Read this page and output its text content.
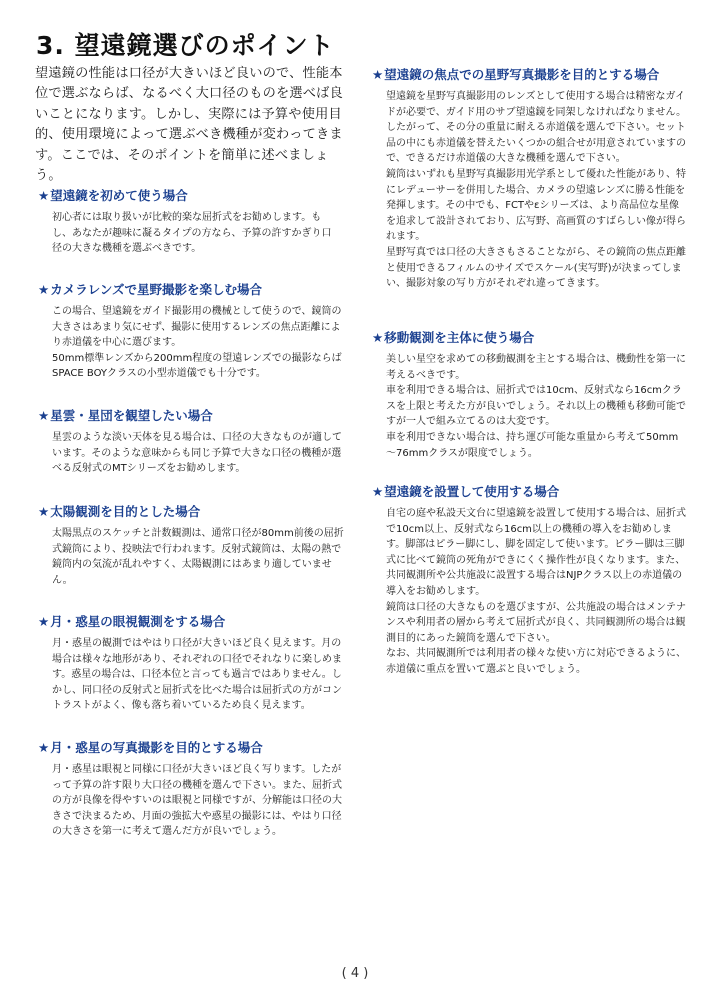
3. 望遠鏡選びのポイント

望遠鏡の性能は口径が大きいほど良いので、性能本位で選ぶならば、なるべく大口径のものを選べば良いことになります。しかし、実際には予算や使用目的、使用環境によって選ぶべき機種が変わってきます。ここでは、そのポイントを簡単に述べましょう。

★望遠鏡を初めて使う場合

初心者には取り扱いが比較的楽な屈折式をお勧めします。もし、あなたが趣味に凝るタイプの方なら、予算の許すかぎり口径の大きな機種を選ぶべきです。

★カメラレンズで星野撮影を楽しむ場合

この場合、望遠鏡をガイド撮影用の機械として使うので、鏡筒の大きさはあまり気にせず、撮影に使用するレンズの焦点距離により赤道儀を中心に選びます。

50mm標準レンズから200mm程度の望遠レンズでの撮影ならば SPACE BOYクラスの小型赤道儀でも十分です。

★星雲・星団を観望したい場合

星雲のような淡い天体を見る場合は、口径の大きなものが適しています。そのような意味からも同じ予算で大きな口径の機種が選べる反射式のMTシリーズをお勧めします。

★太陽観測を目的とした場合

太陽黒点のスケッチと計数観測は、通常口径が80mm前後の屈折式鏡筒により、投映法で行われます。反射式鏡筒は、太陽の熱で鏡筒内の気流が乱れやすく、太陽観測にはあまり適していません。

★月・惑星の眼視観測をする場合

月・惑星の観測ではやはり口径が大きいほど良く見えます。月の場合は様々な地形があり、それぞれの口径でそれなりに楽しめます。惑星の場合は、口径本位と言っても過言ではありません。しかし、同口径の反射式と屈折式を比べた場合は屈折式の方がコントラストがよく、像も落ち着いているため良く見えます。

★月・惑星の写真撮影を目的とする場合

月・惑星は眼視と同様に口径が大きいほど良く写ります。したがって予算の許す限り大口径の機種を選んで下さい。また、屈折式の方が良像を得やすいのは眼視と同様ですが、分解能は口径の大きさで決まるため、月面の強拡大や惑星の撮影には、やはり口径の大きさを第一に考えて選んだ方が良いでしょう。

★望遠鏡の焦点での星野写真撮影を目的とする場合

望遠鏡を星野写真撮影用のレンズとして使用する場合は精密なガイドが必要で、ガイド用のサブ望遠鏡を同架しなければなりません。したがって、その分の重量に耐える赤道儀を選んで下さい。セット品の中にも赤道儀を替えたいくつかの組合せが用意されていますので、できるだけ赤道儀の大きな機種を選んで下さい。

鏡筒はいずれも星野写真撮影用光学系として優れた性能があり、特にレデューサーを併用した場合、カメラの望遠レンズに勝る性能を発揮します。その中でも、FCTやεシリーズは、より高品位な星像を追求して設計されており、広写野、高画質のすばらしい像が得られます。

星野写真では口径の大きさもさることながら、その鏡筒の焦点距離と使用できるフィルムのサイズでスケール(実写野)が決まってしまい、撮影対象の写り方がそれぞれ違ってきます。

★移動観測を主体に使う場合

美しい星空を求めての移動観測を主とする場合は、機動性を第一に考えるべきです。

車を利用できる場合は、屈折式では10cm、反射式なら16cmクラスを上限と考えた方が良いでしょう。それ以上の機種も移動可能ですが一人で組み立てるのは大変です。

車を利用できない場合は、持ち運び可能な重量から考えて50mm～76mmクラスが限度でしょう。

★望遠鏡を設置して使用する場合

自宅の庭や私設天文台に望遠鏡を設置して使用する場合は、屈折式で10cm以上、反射式なら16cm以上の機種の導入をお勧めします。脚部はピラー脚にし、脚を固定して使います。ピラー脚は三脚式に比べて鏡筒の死角ができにくく操作性が良くなります。また、共同観測所や公共施設に設置する場合はNJPクラス以上の赤道儀の導入をお勧めします。

鏡筒は口径の大きなものを選びますが、公共施設の場合はメンテナンスや利用者の層から考えて屈折式が良く、共同観測所の場合は観測目的にあった鏡筒を選んで下さい。

なお、共同観測所では利用者の様々な使い方に対応できるように、赤道儀に重点を置いて選ぶと良いでしょう。

( 4 )
